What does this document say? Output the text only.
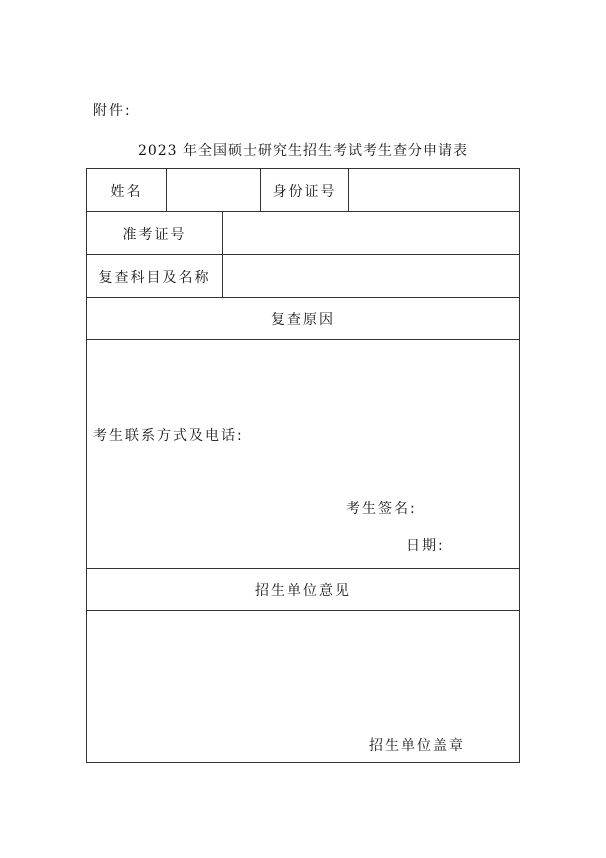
附件:
2023 年全国硕士研究生招生考试考生查分申请表
姓名	身份证号
准考证号
复查科目及名称
复查原因
考生联系方式及电话:
考生签名:
日期:
招生单位意见
招生单位盖章
